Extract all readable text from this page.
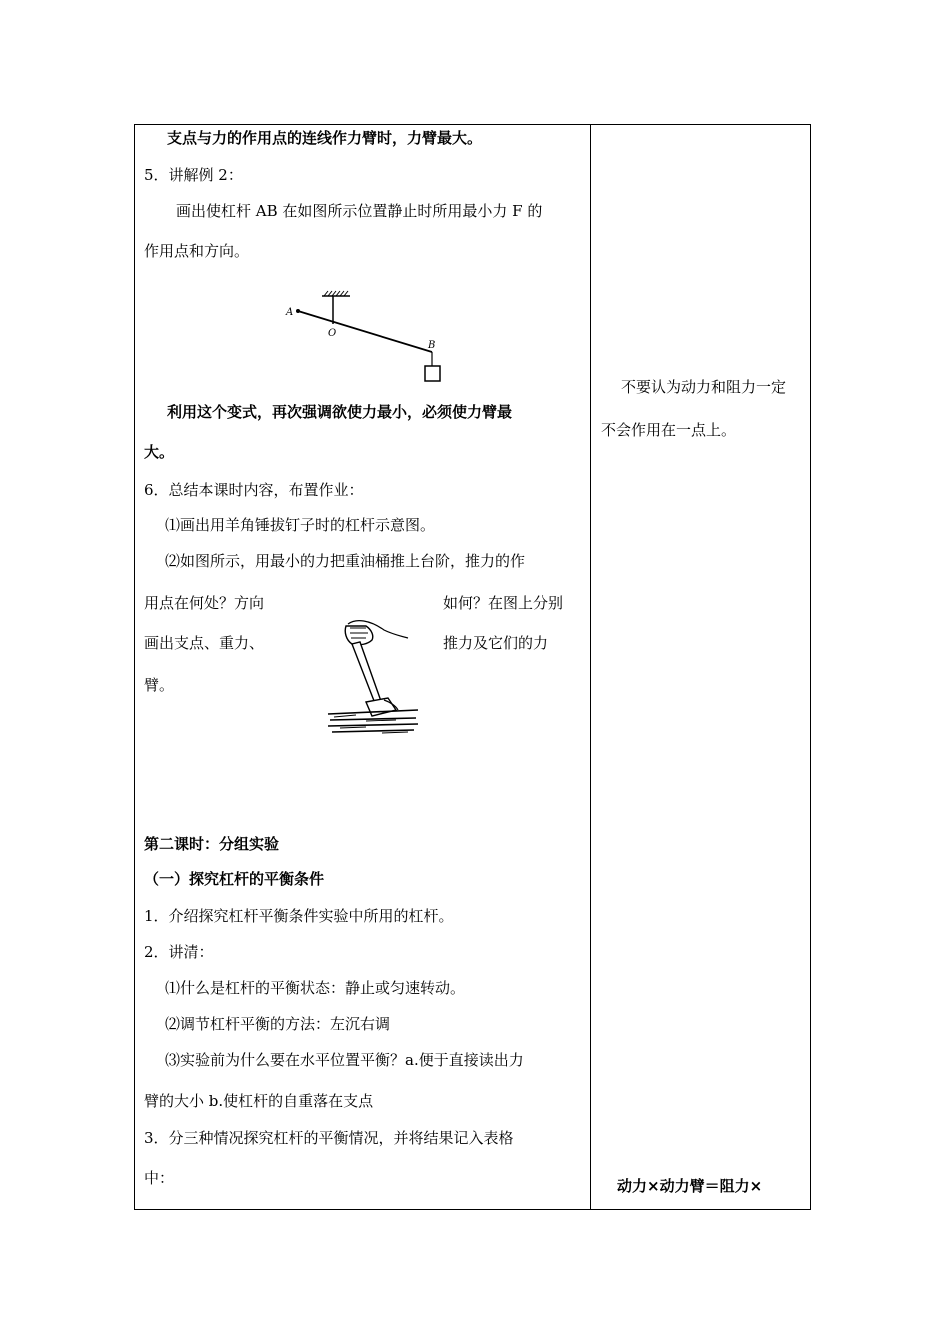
支点与力的作用点的连线作力臂时，力臂最大。
5．讲解例 2：
画出使杠杆 AB 在如图所示位置静止时所用最小力 F 的
作用点和方向。
A
O
B
利用这个变式，再次强调欲使力最小，必须使力臂最
大。
6．总结本课时内容，布置作业：
⑴画出用羊角锤拔钉子时的杠杆示意图。
⑵如图所示，用最小的力把重油桶推上台阶，推力的作
用点在何处？方向	如何？在图上分别
画出支点、重力、	推力及它们的力
臂。
第二课时：分组实验
（一）探究杠杆的平衡条件
1．介绍探究杠杆平衡条件实验中所用的杠杆。
2．讲清：
⑴什么是杠杆的平衡状态：静止或匀速转动。
⑵调节杠杆平衡的方法：左沉右调
⑶实验前为什么要在水平位置平衡？a.便于直接读出力
臂的大小 b.使杠杆的自重落在支点
3．分三种情况探究杠杆的平衡情况，并将结果记入表格
中：
不要认为动力和阻力一定
不会作用在一点上。
动力×动力臂＝阻力×
